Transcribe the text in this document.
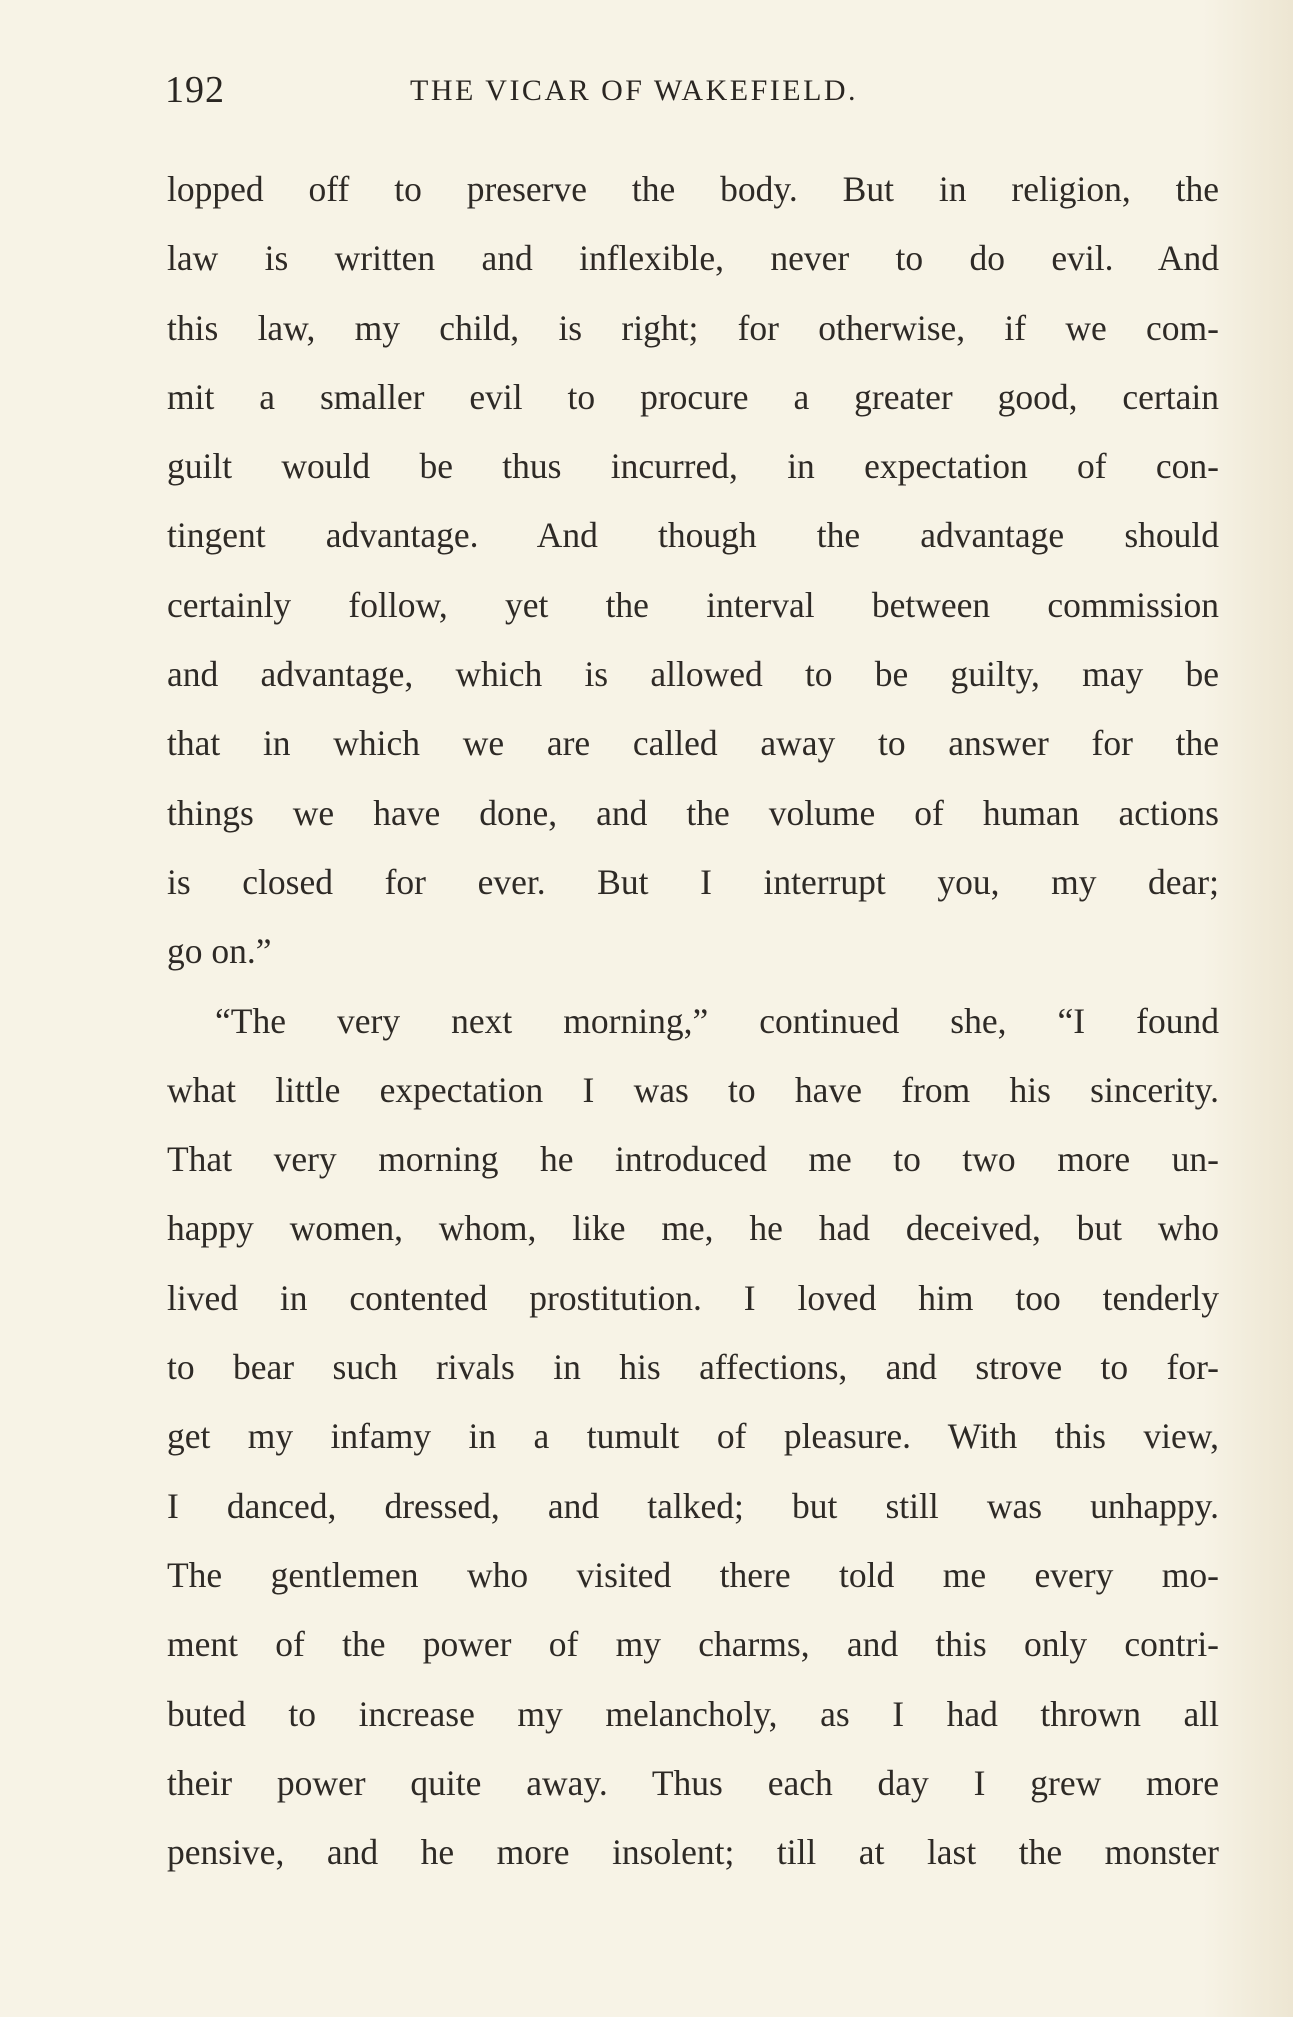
192	THE VICAR OF WAKEFIELD.
lopped off to preserve the body. But in religion, the
law is written and inflexible, never to do evil. And
this law, my child, is right; for otherwise, if we com-
mit a smaller evil to procure a greater good, certain
guilt would be thus incurred, in expectation of con-
tingent advantage. And though the advantage should
certainly follow, yet the interval between commission
and advantage, which is allowed to be guilty, may be
that in which we are called away to answer for the
things we have done, and the volume of human actions
is closed for ever. But I interrupt you, my dear;
go on.”
“The very next morning,” continued she, “I found
what little expectation I was to have from his sincerity.
That very morning he introduced me to two more un-
happy women, whom, like me, he had deceived, but who
lived in contented prostitution. I loved him too tenderly
to bear such rivals in his affections, and strove to for-
get my infamy in a tumult of pleasure. With this view,
I danced, dressed, and talked; but still was unhappy.
The gentlemen who visited there told me every mo-
ment of the power of my charms, and this only contri-
buted to increase my melancholy, as I had thrown all
their power quite away. Thus each day I grew more
pensive, and he more insolent; till at last the monster
